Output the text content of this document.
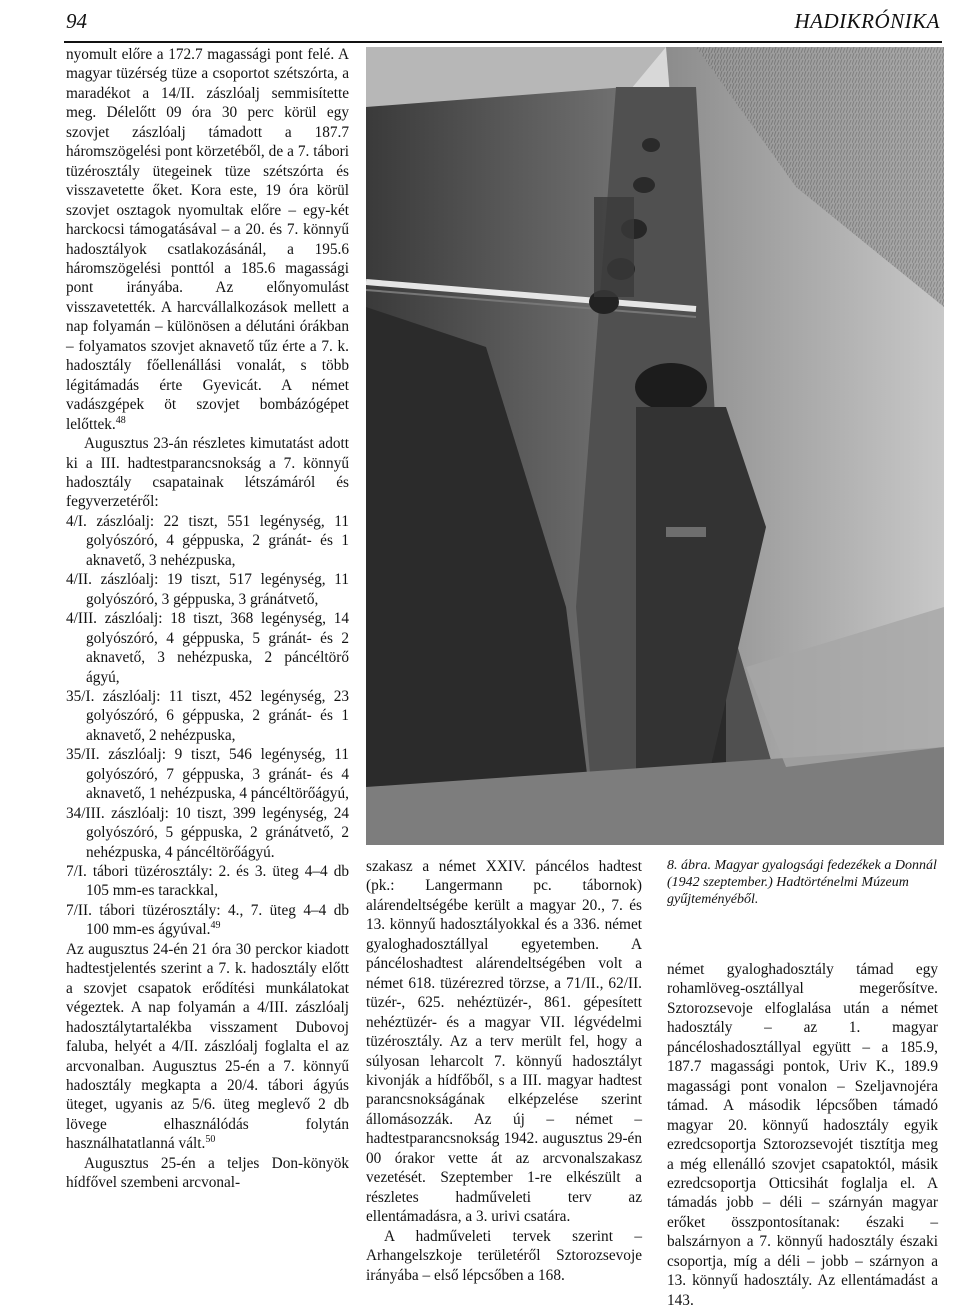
94	HADIKRÓNIKA

nyomult előre a 172.7 magassági pont felé. A magyar tüzérség tüze a csoportot szétszórta, a maradékot a 14/II. zászlóalj semmisítette meg. Délelőtt 09 óra 30 perc körül egy szovjet zászlóalj támadott a 187.7 háromszögelési pont körzetéből, de a 7. tábori tüzérosztály ütegeinek tüze szétszórta és visszavetette őket. Kora este, 19 óra körül szovjet osztagok nyomultak előre – egy-két harckocsi támogatásával – a 20. és 7. könnyű hadosztályok csatlakozásánál, a 195.6 háromszögelési ponttól a 185.6 magassági pont irányába. Az előnyomulást visszavetették. A harcvállalkozások mellett a nap folyamán – különösen a délutáni órákban – folyamatos szovjet aknavető tűz érte a 7. k. hadosztály főellenállási vonalát, s több légitámadás érte Gyevicát. A német vadászgépek öt szovjet bombázógépet lelőttek.$^{48}$

Augusztus 23-án részletes kimutatást adott ki a III. hadtestparancsnokság a 7. könnyű hadosztály csapatainak létszámáról és fegyverzetéről:

4/I. zászlóalj: 22 tiszt, 551 legénység, 11 golyószóró, 4 géppuska, 2 gránát- és 1 aknavető, 3 nehézpuska,

4/II. zászlóalj: 19 tiszt, 517 legénység, 11 golyószóró, 3 géppuska, 3 gránátvető,

4/III. zászlóalj: 18 tiszt, 368 legénység, 14 golyószóró, 4 géppuska, 5 gránát- és 2 aknavető, 3 nehézpuska, 2 páncéltörő ágyú,

35/I. zászlóalj: 11 tiszt, 452 legénység, 23 golyószóró, 6 géppuska, 2 gránát- és 1 aknavető, 2 nehézpuska,

35/II. zászlóalj: 9 tiszt, 546 legénység, 11 golyószóró, 7 géppuska, 3 gránát- és 4 aknavető, 1 nehézpuska, 4 páncéltörőágyú,

34/III. zászlóalj: 10 tiszt, 399 legénység, 24 golyószóró, 5 géppuska, 2 gránátvető, 2 nehézpuska, 4 páncéltörőágyú.

7/I. tábori tüzérosztály: 2. és 3. üteg 4–4 db 105 mm-es tarackkal,

7/II. tábori tüzérosztály: 4., 7. üteg 4–4 db 100 mm-es ágyúval.$^{49}$

Az augusztus 24-én 21 óra 30 perckor kiadott hadtestjelentés szerint a 7. k. hadosztály előtt a szovjet csapatok erődítési munkálatokat végeztek. A nap folyamán a 4/III. zászlóalj hadosztálytartalékba visszament Dubovoj faluba, helyét a 4/II. zászlóalj foglalta el az arcvonalban. Augusztus 25-én a 7. könnyű hadosztály megkapta a 20/4. tábori ágyús üteget, ugyanis az 5/6. üteg meglevő 2 db lövege elhasználódás folytán használhatatlanná vált.$^{50}$

Augusztus 25-én a teljes Don-könyök hídfővel szembeni arcvonal-

8. ábra. Magyar gyalogsági fedezékek a Donnál (1942 szeptember.) Hadtörténelmi Múzeum gyűjteményéből.

szakasz a német XXIV. páncélos hadtest (pk.: Langermann pc. tábornok) alárendeltségébe került a magyar 20., 7. és 13. könnyű hadosztályokkal és a 336. német gyaloghadosztállyal egyetemben. A páncéloshadtest alárendeltségében volt a német 618. tüzérezred törzse, a 71/II., 62/II. tüzér-, 625. nehéztüzér-, 861. gépesített nehéztüzér- és a magyar VII. légvédelmi tüzérosztály. Az a terv merült fel, hogy a súlyosan leharcolt 7. könnyű hadosztályt kivonják a hídfőből, s a III. magyar hadtest parancsnokságának elképzelése szerint állomásozzák. Az új – német – hadtestparancsnokság 1942. augusztus 29-én 00 órakor vette át az arcvonalszakasz vezetését. Szeptember 1-re elkészült a részletes hadműveleti terv az ellentámadásra, a 3. urivi csatára.

A hadműveleti tervek szerint – Arhangelszkoje területéről Sztorozsevoje irányába – első lépcsőben a 168.

német gyaloghadosztály támad egy rohamlöveg-osztállyal megerősítve. Sztorozsevoje elfoglalása után a német hadosztály – az 1. magyar páncéloshadosztállyal együtt – a 185.9, 187.7 magassági pontok, Uriv K., 189.9 magassági pont vonalon – Szeljavnojéra támad. A második lépcsőben támadó magyar 20. könnyű hadosztály egyik ezredcsoportja Sztorozsevojét tisztítja meg a még ellenálló szovjet csapatoktól, másik ezredcsoportja Otticsihát foglalja el. A támadás jobb – déli – szárnyán magyar erőket összpontosítanak: északi – balszárnyon a 7. könnyű hadosztály északi csoportja, míg a déli – jobb – szárnyon a 13. könnyű hadosztály. Az ellentámadást a 143.
